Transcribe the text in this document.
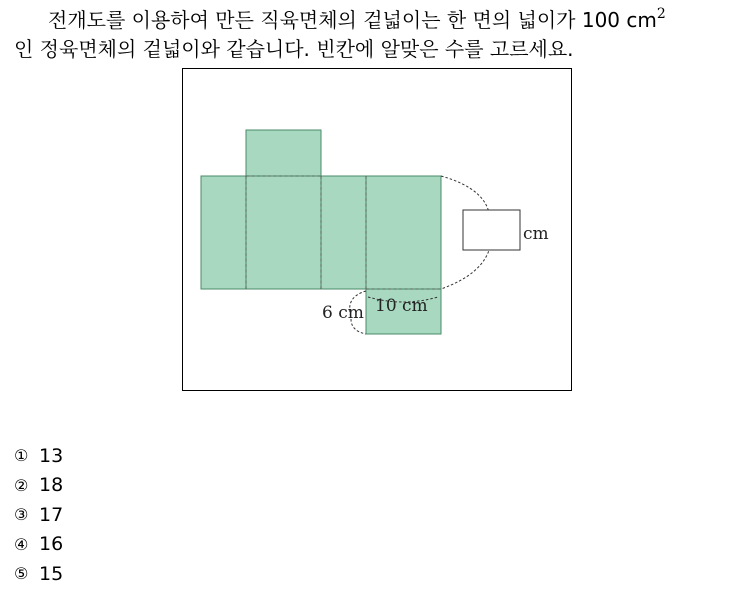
전개도를 이용하여 만든 직육면체의 겉넓이는 한 면의 넓이가 100 $cm^2$
인 정육면체의 겉넓이와 같습니다. 빈칸에 알맞은 수를 고르세요.

cm
10 cm
6 cm
① 13
② 18
③ 17
④ 16
⑤ 15
